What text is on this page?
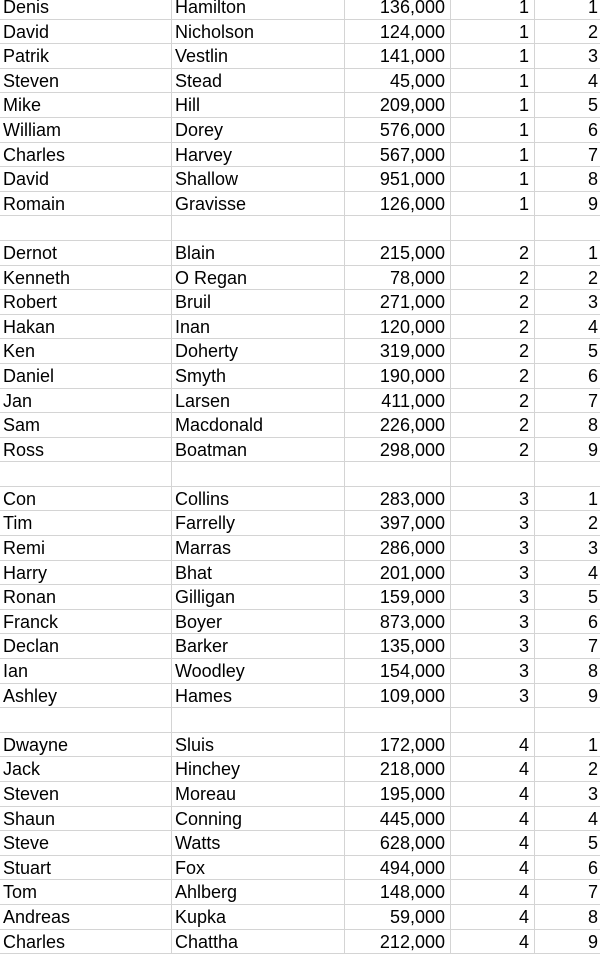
Denis	Hamilton	136,000	1	1
David	Nicholson	124,000	1	2
Patrik	Vestlin	141,000	1	3
Steven	Stead	45,000	1	4
Mike	Hill	209,000	1	5
William	Dorey	576,000	1	6
Charles	Harvey	567,000	1	7
David	Shallow	951,000	1	8
Romain	Gravisse	126,000	1	9
Dernot	Blain	215,000	2	1
Kenneth	O Regan	78,000	2	2
Robert	Bruil	271,000	2	3
Hakan	Inan	120,000	2	4
Ken	Doherty	319,000	2	5
Daniel	Smyth	190,000	2	6
Jan	Larsen	411,000	2	7
Sam	Macdonald	226,000	2	8
Ross	Boatman	298,000	2	9
Con	Collins	283,000	3	1
Tim	Farrelly	397,000	3	2
Remi	Marras	286,000	3	3
Harry	Bhat	201,000	3	4
Ronan	Gilligan	159,000	3	5
Franck	Boyer	873,000	3	6
Declan	Barker	135,000	3	7
Ian	Woodley	154,000	3	8
Ashley	Hames	109,000	3	9
Dwayne	Sluis	172,000	4	1
Jack	Hinchey	218,000	4	2
Steven	Moreau	195,000	4	3
Shaun	Conning	445,000	4	4
Steve	Watts	628,000	4	5
Stuart	Fox	494,000	4	6
Tom	Ahlberg	148,000	4	7
Andreas	Kupka	59,000	4	8
Charles	Chattha	212,000	4	9
